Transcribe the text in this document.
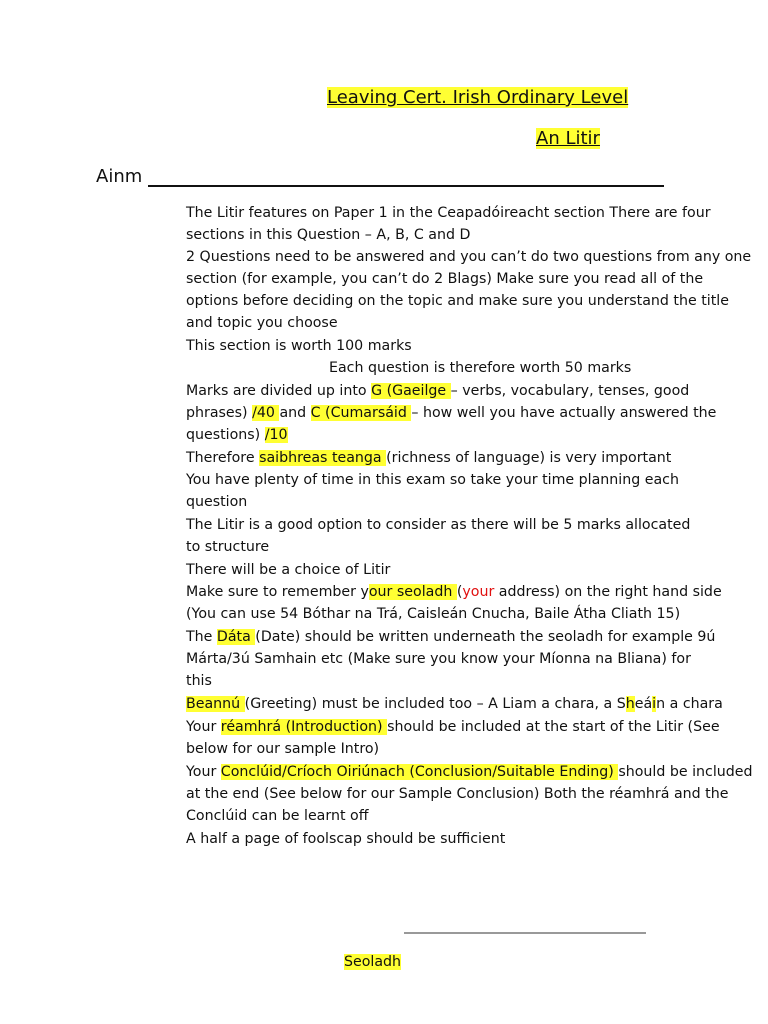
Leaving Cert. Irish Ordinary Level
An Litir
Ainm
The Litir features on Paper 1 in the Ceapadóireacht section There are four
sections in this Question – A, B, C and D
2 Questions need to be answered and you can’t do two questions from any one
section (for example, you can’t do 2 Blags) Make sure you read all of the
options before deciding on the topic and make sure you understand the title
and topic you choose
This section is worth 100 marks
Each question is therefore worth 50 marks
Marks are divided up into G (Gaeilge – verbs, vocabulary, tenses, good
phrases) /40 and C (Cumarsáid – how well you have actually answered the
questions) /10
Therefore saibhreas teanga (richness of language) is very important
You have plenty of time in this exam so take your time planning each
question
The Litir is a good option to consider as there will be 5 marks allocated
to structure
There will be a choice of Litir
Make sure to remember your seoladh (your address) on the right hand side
(You can use 54 Bóthar na Trá, Caisleán Cnucha, Baile Átha Cliath 15)
The Dáta (Date) should be written underneath the seoladh for example 9ú
Márta/3ú Samhain etc (Make sure you know your Míonna na Bliana) for
this
Beannú (Greeting) must be included too – A Liam a chara, a Sheáin a chara
Your réamhrá (Introduction) should be included at the start of the Litir (See
below for our sample Intro)
Your Conclúid/Críoch Oiriúnach (Conclusion/Suitable Ending) should be included
at the end (See below for our Sample Conclusion) Both the réamhrá and the
Conclúid can be learnt off
A half a page of foolscap should be sufficient
Seoladh
